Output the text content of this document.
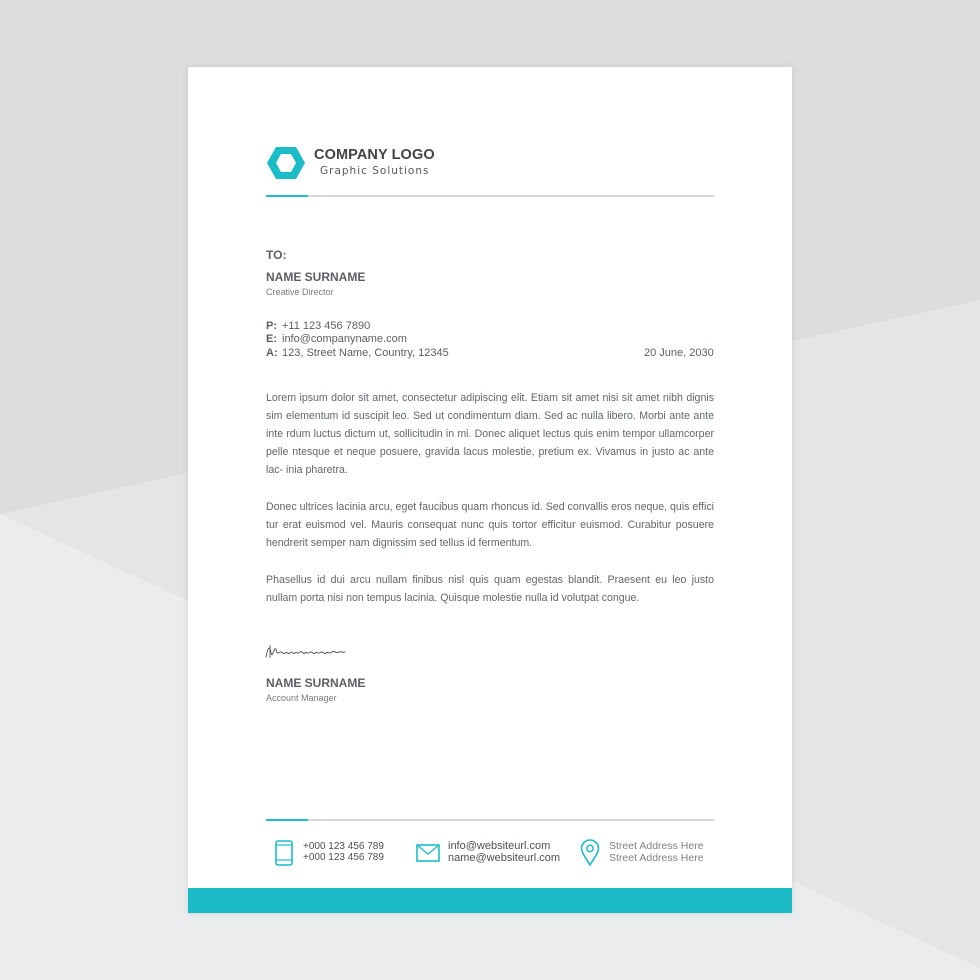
COMPANY LOGO
Graphic Solutions
TO:
NAME SURNAME
Creative Director
P: +11 123 456 7890
E: info@companyname.com
A: 123, Street Name, Country, 12345	20 June, 2030

Lorem ipsum dolor sit amet, consectetur adipiscing elit. Etiam sit amet nisi sit amet nibh dignis sim elementum id suscipit leo. Sed ut condimentum diam. Sed ac nulla libero. Morbi ante ante inte rdum luctus dictum ut, sollicitudin in mi. Donec aliquet lectus quis enim tempor ullamcorper pelle ntesque et neque posuere, gravida lacus molestie, pretium ex. Vivamus in justo ac ante lac- inia pharetra.

Donec ultrices lacinia arcu, eget faucibus quam rhoncus id. Sed convallis eros neque, quis effici tur erat euismod vel. Mauris consequat nunc quis tortor efficitur euismod. Curabitur posuere hendrerit semper nam dignissim sed tellus id fermentum.

Phasellus id dui arcu nullam finibus nisl quis quam egestas blandit. Praesent eu leo justo nullam porta nisi non tempus lacinia. Quisque molestie nulla id volutpat congue.

NAME SURNAME
Account Manager
+000 123 456 789
+000 123 456 789
info@websiteurl.com
name@websiteurl.com
Street Address Here
Street Address Here
